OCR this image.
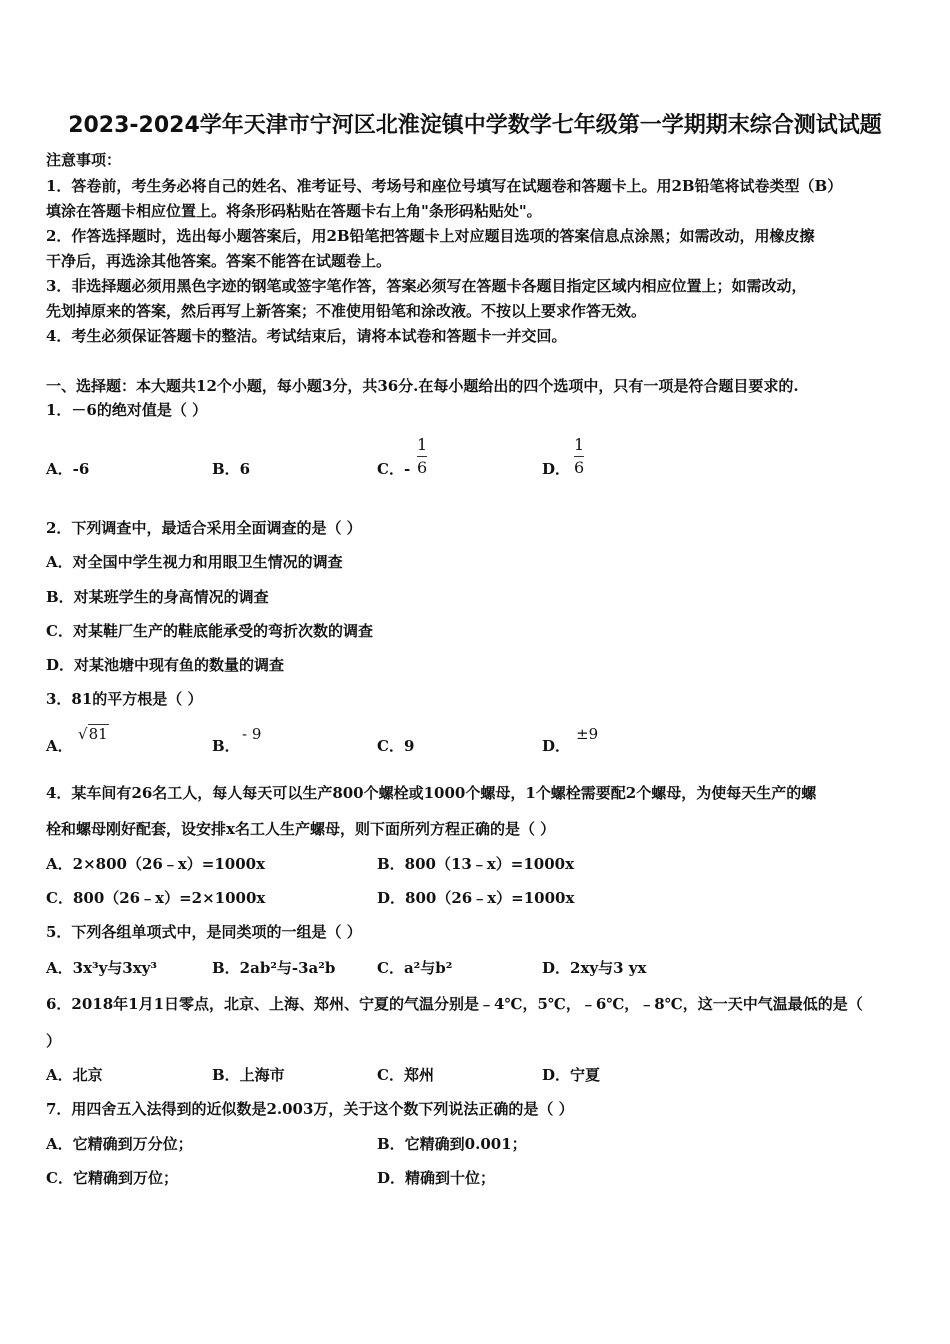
2023-2024学年天津市宁河区北淮淀镇中学数学七年级第一学期期末综合测试试题
注意事项：
1．答卷前，考生务必将自己的姓名、准考证号、考场号和座位号填写在试题卷和答题卡上。用2B铅笔将试卷类型（B）
填涂在答题卡相应位置上。将条形码粘贴在答题卡右上角"条形码粘贴处"。
2．作答选择题时，选出每小题答案后，用2B铅笔把答题卡上对应题目选项的答案信息点涂黑；如需改动，用橡皮擦
干净后，再选涂其他答案。答案不能答在试题卷上。
3．非选择题必须用黑色字迹的钢笔或签字笔作答，答案必须写在答题卡各题目指定区域内相应位置上；如需改动，
先划掉原来的答案，然后再写上新答案；不准使用铅笔和涂改液。不按以上要求作答无效。
4．考生必须保证答题卡的整洁。考试结束后，请将本试卷和答题卡一并交回。
一、选择题：本大题共12个小题，每小题3分，共36分.在每小题给出的四个选项中，只有一项是符合题目要求的.
1．－6的绝对值是（ ）
A．-6	B．6	C．-
1
6	D．
1
6
2．下列调查中，最适合采用全面调查的是（ ）
A．对全国中学生视力和用眼卫生情况的调查
B．对某班学生的身高情况的调查
C．对某鞋厂生产的鞋底能承受的弯折次数的调查
D．对某池塘中现有鱼的数量的调查
3．81的平方根是（ ）
A．
√81
B．
- 9
C．9	D．
±9
4．某车间有26名工人，每人每天可以生产800个螺栓或1000个螺母，1个螺栓需要配2个螺母，为使每天生产的螺
栓和螺母刚好配套，设安排x名工人生产螺母，则下面所列方程正确的是（ ）
A．2×800（26﹣x）=1000x	B．800（13﹣x）=1000x
C．800（26﹣x）=2×1000x	D．800（26﹣x）=1000x
5．下列各组单项式中，是同类项的一组是（ ）
A．3x³y与3xy³	B．2ab²与-3a²b	C．a²与b²	D．2xy与3 yx
6．2018年1月1日零点，北京、上海、郑州、宁夏的气温分别是﹣4℃，5℃，﹣6℃，﹣8℃，这一天中气温最低的是（
）
A．北京	B．上海市	C．郑州	D．宁夏
7．用四舍五入法得到的近似数是2.003万，关于这个数下列说法正确的是（ ）
A．它精确到万分位；	B．它精确到0.001；
C．它精确到万位；	D．精确到十位；
